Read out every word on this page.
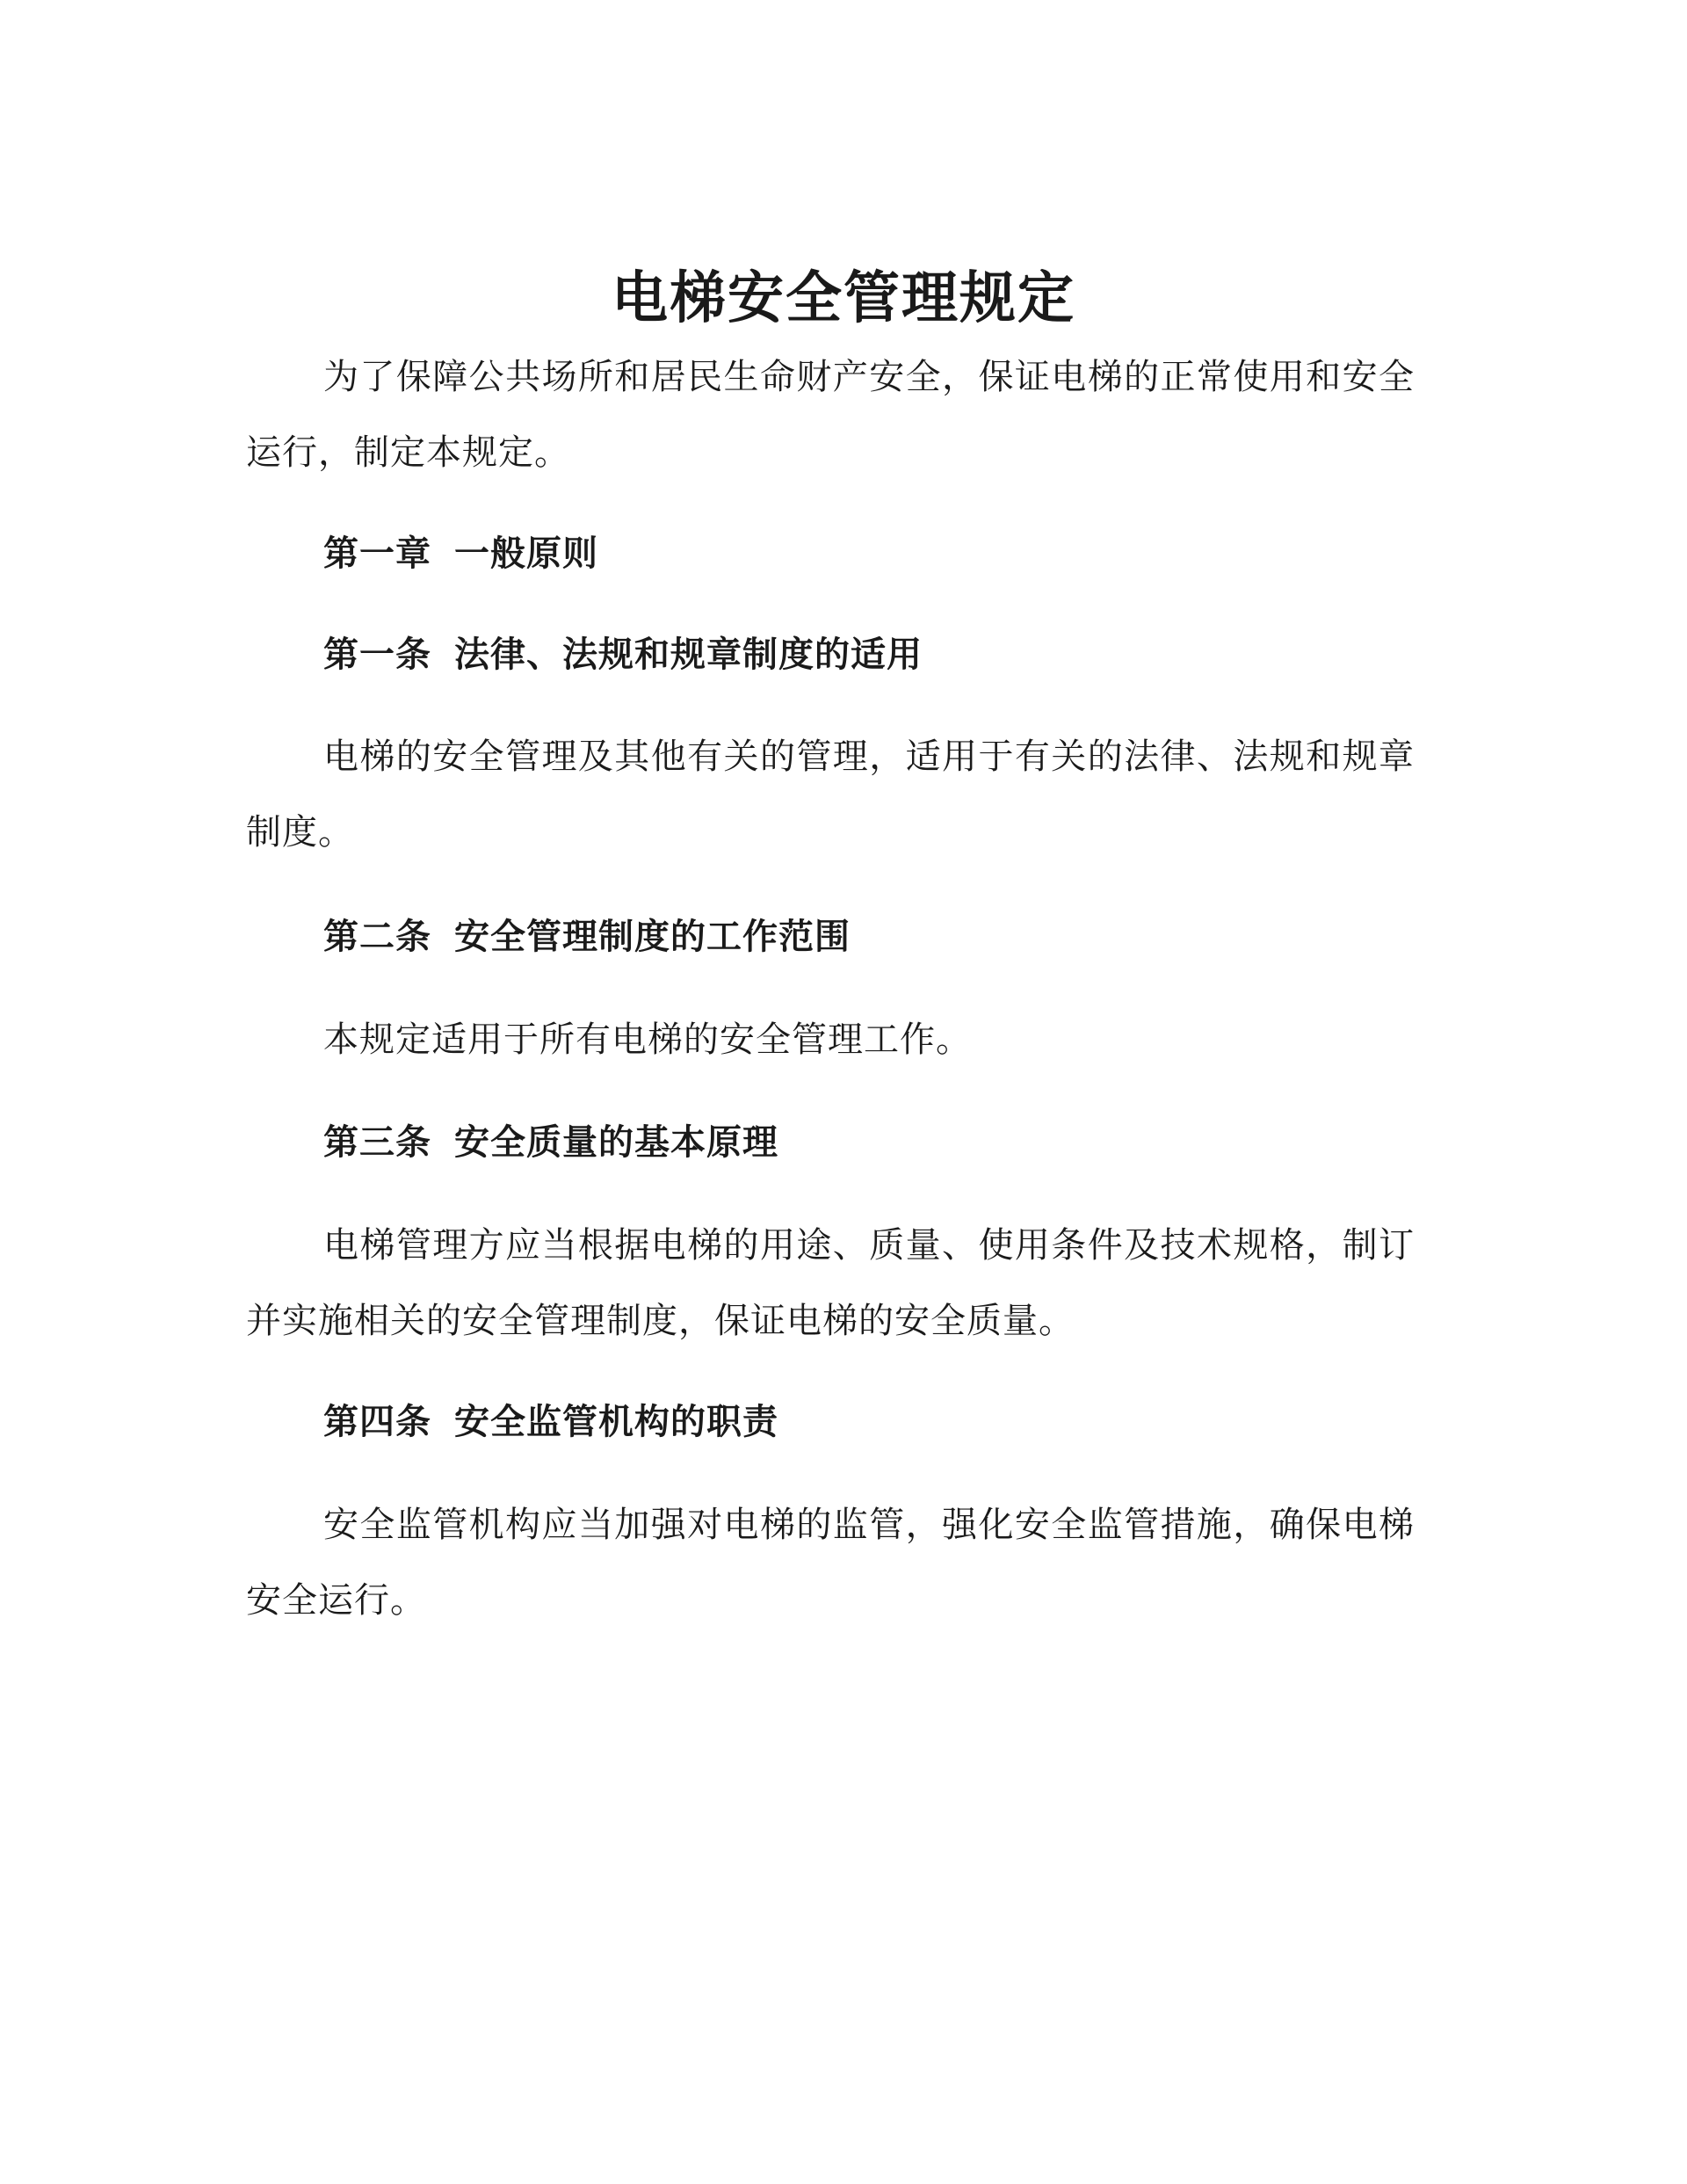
电梯安全管理规定
为了保障公共场所和居民生命财产安全，保证电梯的正常使用和安全运行，制定本规定。
第一章 一般原则
第一条 法律、法规和规章制度的适用
电梯的安全管理及其他有关的管理，适用于有关的法律、法规和规章制度。
第二条 安全管理制度的工作范围
本规定适用于所有电梯的安全管理工作。
第三条 安全质量的基本原理
电梯管理方应当根据电梯的用途、质量、使用条件及技术规格，制订并实施相关的安全管理制度，保证电梯的安全质量。
第四条 安全监管机构的职责
安全监管机构应当加强对电梯的监管，强化安全监管措施，确保电梯安全运行。
